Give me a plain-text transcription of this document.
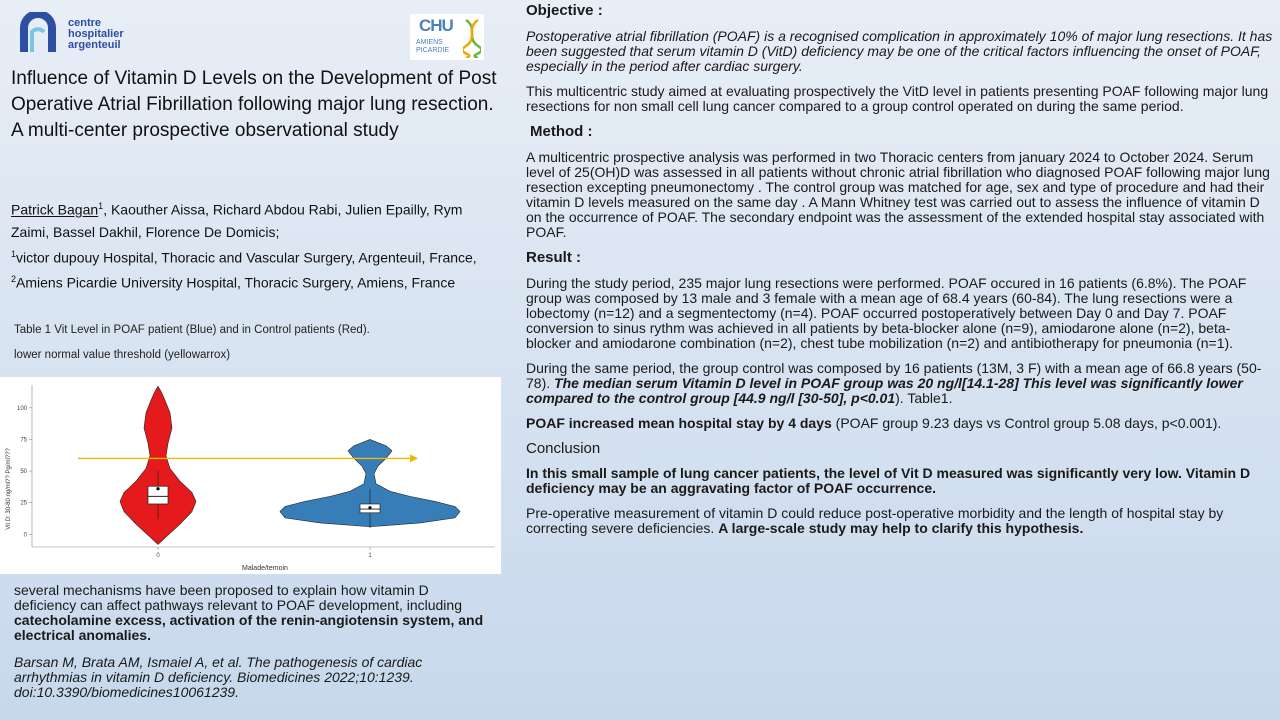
centre
hospitalier
argenteuil
CHU
AMIENS
PICARDIE
Influence of Vitamin D Levels on the Development of Post Operative Atrial Fibrillation following major lung resection. A multi-center prospective observational study
Patrick Bagan$^1$, Kaouther Aissa, Richard Abdou Rabi, Julien Epailly, Rym Zaimi, Bassel Dakhil, Florence De Domicis;
$^1$victor dupouy Hospital, Thoracic and Vascular Surgery, Argenteuil, France,
$^2$Amiens Picardie University Hospital, Thoracic Surgery, Amiens, France
Table 1 Vit Level in POAF patient (Blue) and in Control patients (Red).
lower normal value threshold (yellowarrox)
0
25
50
75
100
0	1
Vit D: 30-80 ng/ml?? Pg/ml???
Malade/temoin

several mechanisms have been proposed to explain how vitamin D deficiency can affect pathways relevant to POAF development, including catecholamine excess, activation of the renin-angiotensin system, and electrical anomalies.

Barsan M, Brata AM, Ismaiel A, et al. The pathogenesis of cardiac arrhythmias in vitamin D deficiency. Biomedicines 2022;10:1239. doi:10.3390/biomedicines10061239.

Objective :

Postoperative atrial fibrillation (POAF) is a recognised complication in approximately 10% of major lung resections. It has been suggested that serum vitamin D (VitD) deficiency may be one of the critical factors influencing the onset of POAF, especially in the period after cardiac surgery.

This multicentric study aimed at evaluating prospectively the VitD level in patients presenting POAF following major lung resections for non small cell lung cancer compared to a group control operated on during the same period.

Method :

A multicentric prospective analysis was performed in two Thoracic centers from january 2024 to October 2024. Serum level of 25(OH)D was assessed in all patients without chronic atrial fibrillation who diagnosed POAF following major lung resection excepting pneumonectomy . The control group was matched for age, sex and type of procedure and had their vitamin D levels measured on the same day . A Mann Whitney test was carried out to assess the influence of vitamin D on the occurrence of POAF. The secondary endpoint was the assessment of the extended hospital stay associated with POAF.

Result :

During the study period, 235 major lung resections were performed. POAF occured in 16 patients (6.8%). The POAF group was composed by 13 male and 3 female with a mean age of 68.4 years (60-84). The lung resections were a lobectomy (n=12) and a segmentectomy (n=4). POAF occurred postoperatively between Day 0 and Day 7. POAF conversion to sinus rythm was achieved in all patients by beta-blocker alone (n=9), amiodarone alone (n=2), beta-blocker and amiodarone combination (n=2), chest tube mobilization (n=2) and antibiotherapy for pneumonia (n=1).

During the same period, the group control was composed by 16 patients (13M, 3 F) with a mean age of 66.8 years (50-78). The median serum Vitamin D level in POAF group was 20 ng/l[14.1-28] This level was significantly lower compared to the control group [44.9 ng/l [30-50], p<0.01). Table1.

POAF increased mean hospital stay by 4 days (POAF group 9.23 days vs Control group 5.08 days, p<0.001).

Conclusion

In this small sample of lung cancer patients, the level of Vit D measured was significantly very low. Vitamin D deficiency may be an aggravating factor of POAF occurrence.

Pre-operative measurement of vitamin D could reduce post-operative morbidity and the length of hospital stay by correcting severe deficiencies. A large-scale study may help to clarify this hypothesis.
